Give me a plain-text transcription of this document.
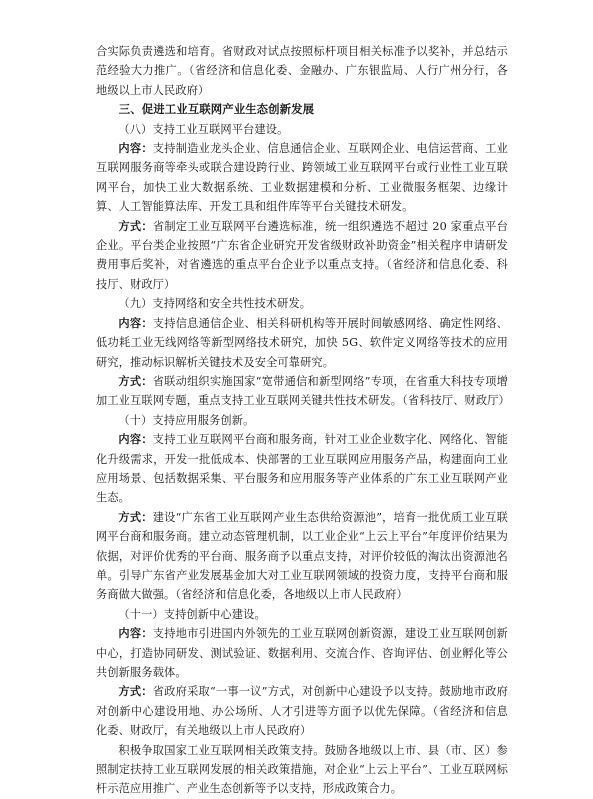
合实际负责遴选和培育。省财政对试点按照标杆项目相关标准予以奖补，并总结示范经验大力推广。（省经济和信息化委、金融办、广东银监局、人行广州分行，各地级以上市人民政府）

三、促进工业互联网产业生态创新发展

（八）支持工业互联网平台建设。

内容：支持制造业龙头企业、信息通信企业、互联网企业、电信运营商、工业互联网服务商等牵头或联合建设跨行业、跨领域工业互联网平台或行业性工业互联网平台，加快工业大数据系统、工业数据建模和分析、工业微服务框架、边缘计算、人工智能算法库、开发工具和组件库等平台关键技术研发。

方式：省制定工业互联网平台遴选标准，统一组织遴选不超过 20 家重点平台企业。平台类企业按照“广东省企业研究开发省级财政补助资金”相关程序申请研发费用事后奖补，对省遴选的重点平台企业予以重点支持。（省经济和信息化委、科技厅、财政厅）

（九）支持网络和安全共性技术研发。

内容：支持信息通信企业、相关科研机构等开展时间敏感网络、确定性网络、低功耗工业无线网络等新型网络技术研究，加快 5G、软件定义网络等技术的应用研究，推动标识解析关键技术及安全可靠研究。

方式：省联动组织实施国家“宽带通信和新型网络”专项，在省重大科技专项增加工业互联网专题，重点支持工业互联网关键共性技术研发。（省科技厅、财政厅）

（十）支持应用服务创新。

内容：支持工业互联网平台商和服务商，针对工业企业数字化、网络化、智能化升级需求，开发一批低成本、快部署的工业互联网应用服务产品，构建面向工业应用场景、包括数据采集、平台服务和应用服务等产业体系的广东工业互联网产业生态。

方式：建设“广东省工业互联网产业生态供给资源池”，培育一批优质工业互联网平台商和服务商。建立动态管理机制，以工业企业“上云上平台”年度评价结果为依据，对评价优秀的平台商、服务商予以重点支持，对评价较低的淘汰出资源池名单。引导广东省产业发展基金加大对工业互联网领域的投资力度，支持平台商和服务商做大做强。（省经济和信息化委，各地级以上市人民政府）

（十一）支持创新中心建设。

内容：支持地市引进国内外领先的工业互联网创新资源，建设工业互联网创新中心，打造协同研发、测试验证、数据利用、交流合作、咨询评估、创业孵化等公共创新服务载体。

方式：省政府采取“一事一议”方式，对创新中心建设予以支持。鼓励地市政府对创新中心建设用地、办公场所、人才引进等方面予以优先保障。（省经济和信息化委、财政厅，有关地级以上市人民政府）

积极争取国家工业互联网相关政策支持。鼓励各地级以上市、县（市、区）参照制定扶持工业互联网发展的相关政策措施，对企业“上云上平台”、工业互联网标杆示范应用推广、产业生态创新等予以支持，形成政策合力。
